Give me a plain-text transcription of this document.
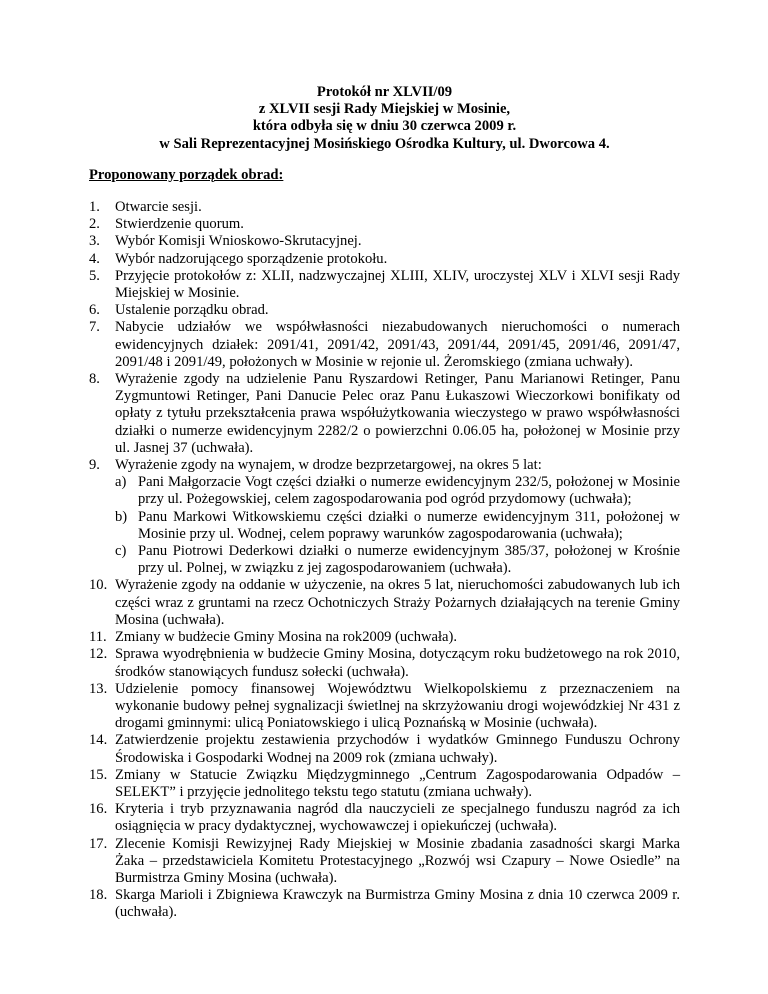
Protokół nr XLVII/09
z XLVII sesji Rady Miejskiej w Mosinie,
która odbyła się w dniu 30 czerwca 2009 r.
w Sali Reprezentacyjnej Mosińskiego Ośrodka Kultury, ul. Dworcowa 4.
Proponowany porządek obrad:
1.	Otwarcie sesji.
2.	Stwierdzenie quorum.
3.	Wybór Komisji Wnioskowo-Skrutacyjnej.
4.	Wybór nadzorującego sporządzenie protokołu.
5.	Przyjęcie protokołów z: XLII, nadzwyczajnej XLIII, XLIV, uroczystej XLV i XLVI sesji Rady Miejskiej w Mosinie.
6.	Ustalenie porządku obrad.
7.	Nabycie udziałów we współwłasności niezabudowanych nieruchomości o numerach ewidencyjnych działek: 2091/41, 2091/42, 2091/43, 2091/44, 2091/45, 2091/46, 2091/47, 2091/48 i 2091/49, położonych w Mosinie w rejonie ul. Żeromskiego (zmiana uchwały).
8.	Wyrażenie zgody na udzielenie Panu Ryszardowi Retinger, Panu Marianowi Retinger, Panu Zygmuntowi Retinger, Pani Danucie Pelec oraz Panu Łukaszowi Wieczorkowi bonifikaty od opłaty z tytułu przekształcenia prawa współużytkowania wieczystego w prawo współwłasności działki o numerze ewidencyjnym 2282/2 o powierzchni 0.06.05 ha, położonej w Mosinie przy ul. Jasnej 37 (uchwała).
9.	Wyrażenie zgody na wynajem, w drodze bezprzetargowej, na okres 5 lat:
a) Pani Małgorzacie Vogt części działki o numerze ewidencyjnym 232/5, położonej w Mosinie przy ul. Pożegowskiej, celem zagospodarowania pod ogród przydomowy (uchwała);
b) Panu Markowi Witkowskiemu części działki o numerze ewidencyjnym 311, położonej w Mosinie przy ul. Wodnej, celem poprawy warunków zagospodarowania (uchwała);
c) Panu Piotrowi Dederkowi działki o numerze ewidencyjnym 385/37, położonej w Krośnie przy ul. Polnej, w związku z jej zagospodarowaniem (uchwała).
10. Wyrażenie zgody na oddanie w użyczenie, na okres 5 lat, nieruchomości zabudowanych lub ich części wraz z gruntami na rzecz Ochotniczych Straży Pożarnych działających na terenie Gminy Mosina (uchwała).
11. Zmiany w budżecie Gminy Mosina na rok2009 (uchwała).
12. Sprawa wyodrębnienia w budżecie Gminy Mosina, dotyczącym roku budżetowego na rok 2010, środków stanowiących fundusz sołecki (uchwała).
13. Udzielenie pomocy finansowej Województwu Wielkopolskiemu z przeznaczeniem na wykonanie budowy pełnej sygnalizacji świetlnej na skrzyżowaniu drogi wojewódzkiej Nr 431 z drogami gminnymi: ulicą Poniatowskiego i ulicą Poznańską w Mosinie (uchwała).
14. Zatwierdzenie projektu zestawienia przychodów i wydatków Gminnego Funduszu Ochrony Środowiska i Gospodarki Wodnej na 2009 rok (zmiana uchwały).
15. Zmiany w Statucie Związku Międzygminnego „Centrum Zagospodarowania Odpadów –SELEKT” i przyjęcie jednolitego tekstu tego statutu (zmiana uchwały).
16. Kryteria i tryb przyznawania nagród dla nauczycieli ze specjalnego funduszu nagród za ich osiągnięcia w pracy dydaktycznej, wychowawczej i opiekuńczej (uchwała).
17. Zlecenie Komisji Rewizyjnej Rady Miejskiej w Mosinie zbadania zasadności skargi Marka Żaka – przedstawiciela Komitetu Protestacyjnego „Rozwój wsi Czapury – Nowe Osiedle” na Burmistrza Gminy Mosina (uchwała).
18. Skarga Marioli i Zbigniewa Krawczyk na Burmistrza Gminy Mosina z dnia 10 czerwca 2009 r. (uchwała).
